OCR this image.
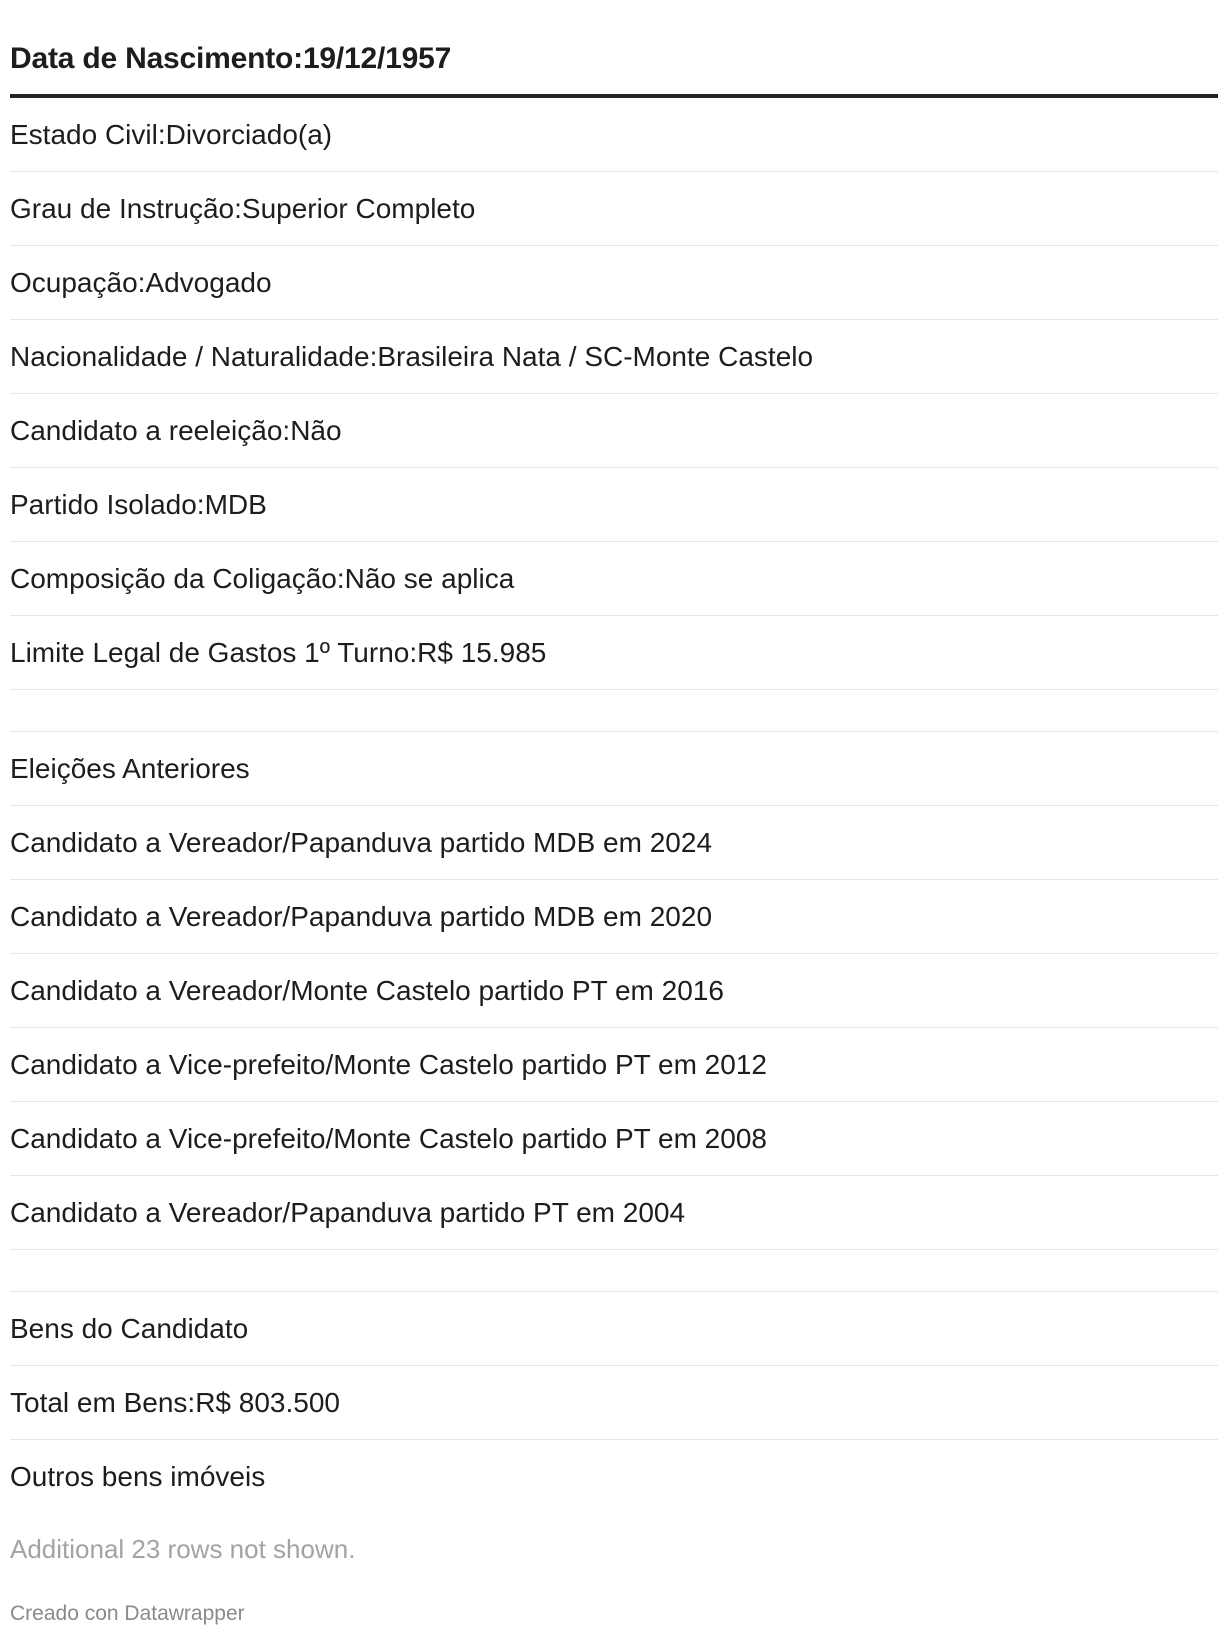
Data de Nascimento:19/12/1957
Estado Civil:Divorciado(a)
Grau de Instrução:Superior Completo
Ocupação:Advogado
Nacionalidade / Naturalidade:Brasileira Nata / SC-Monte Castelo
Candidato a reeleição:Não
Partido Isolado:MDB
Composição da Coligação:Não se aplica
Limite Legal de Gastos 1º Turno:R$ 15.985
Eleições Anteriores
Candidato a Vereador/Papanduva partido MDB em 2024
Candidato a Vereador/Papanduva partido MDB em 2020
Candidato a Vereador/Monte Castelo partido PT em 2016
Candidato a Vice-prefeito/Monte Castelo partido PT em 2012
Candidato a Vice-prefeito/Monte Castelo partido PT em 2008
Candidato a Vereador/Papanduva partido PT em 2004
Bens do Candidato
Total em Bens:R$ 803.500
Outros bens imóveis
Additional 23 rows not shown.
Creado con Datawrapper
